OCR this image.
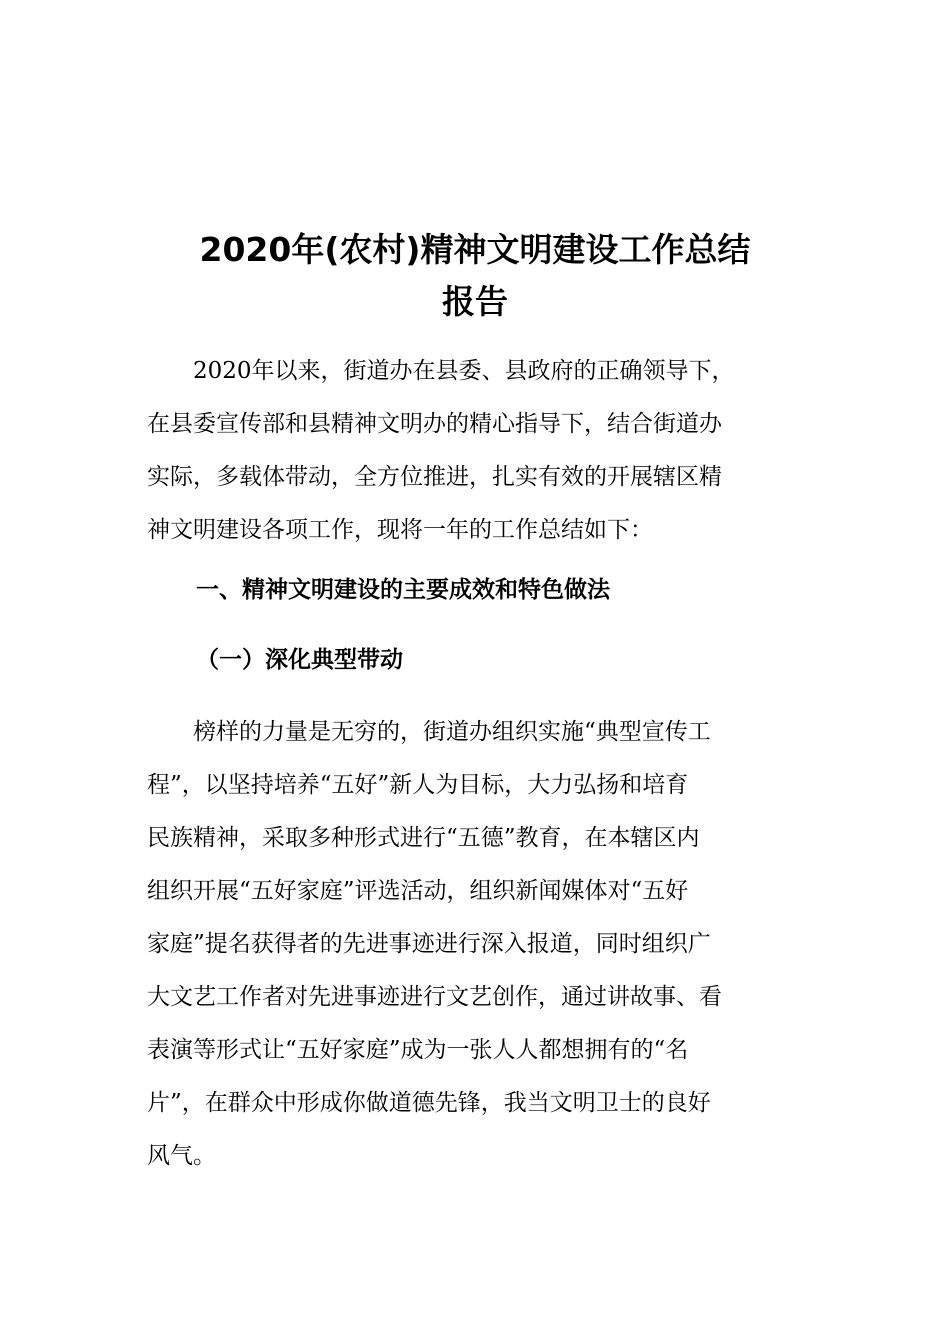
2020年(农村)精神文明建设工作总结
报告
　　2020年以来，街道办在县委、县政府的正确领导下，
在县委宣传部和县精神文明办的精心指导下，结合街道办
实际，多载体带动，全方位推进，扎实有效的开展辖区精
神文明建设各项工作，现将一年的工作总结如下：
一、精神文明建设的主要成效和特色做法
（一）深化典型带动
　　榜样的力量是无穷的，街道办组织实施“典型宣传工
程”，以坚持培养“五好”新人为目标，大力弘扬和培育
民族精神，采取多种形式进行“五德”教育，在本辖区内
组织开展“五好家庭”评选活动，组织新闻媒体对“五好
家庭”提名获得者的先进事迹进行深入报道，同时组织广
大文艺工作者对先进事迹进行文艺创作，通过讲故事、看
表演等形式让“五好家庭”成为一张人人都想拥有的“名
片”，在群众中形成你做道德先锋，我当文明卫士的良好
风气。
